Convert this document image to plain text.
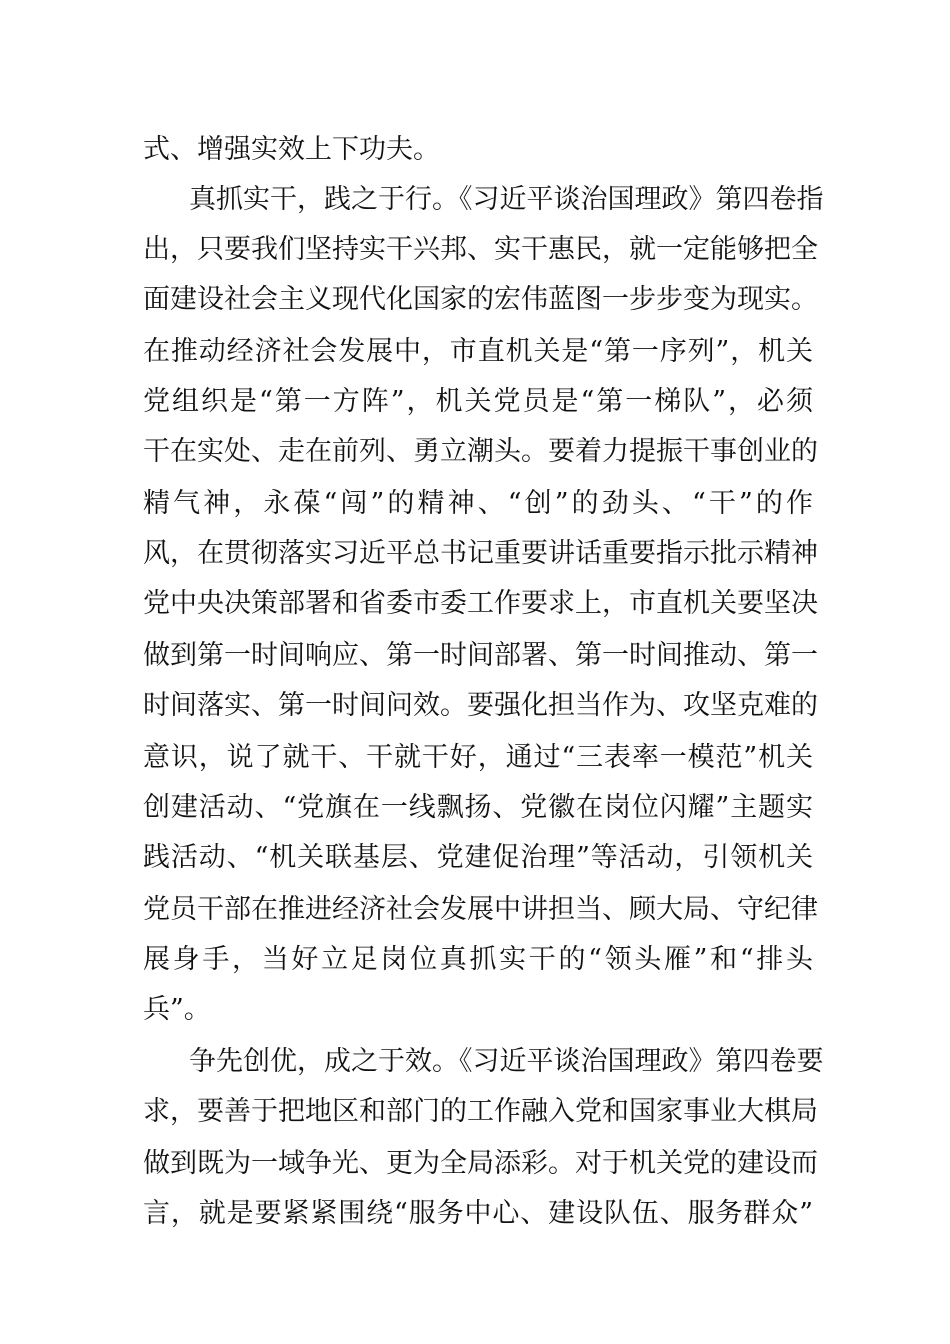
式、增强实效上下功夫。
真抓实干，践之于行。《习近平谈治国理政》第四卷指
出，只要我们坚持实干兴邦、实干惠民，就一定能够把全
面建设社会主义现代化国家的宏伟蓝图一步步变为现实。
在推动经济社会发展中，市直机关是“第一序列”，机关
党组织是“第一方阵”，机关党员是“第一梯队”，必须
干在实处、走在前列、勇立潮头。要着力提振干事创业的
精气神，永葆“闯”的精神、“创”的劲头、“干”的作
风，在贯彻落实习近平总书记重要讲话重要指示批示精神
党中央决策部署和省委市委工作要求上，市直机关要坚决
做到第一时间响应、第一时间部署、第一时间推动、第一
时间落实、第一时间问效。要强化担当作为、攻坚克难的
意识，说了就干、干就干好，通过“三表率一模范”机关
创建活动、“党旗在一线飘扬、党徽在岗位闪耀”主题实
践活动、“机关联基层、党建促治理”等活动，引领机关
党员干部在推进经济社会发展中讲担当、顾大局、守纪律
展身手，当好立足岗位真抓实干的“领头雁”和“排头
兵”。
争先创优，成之于效。《习近平谈治国理政》第四卷要
求，要善于把地区和部门的工作融入党和国家事业大棋局
做到既为一域争光、更为全局添彩。对于机关党的建设而
言，就是要紧紧围绕“服务中心、建设队伍、服务群众”
